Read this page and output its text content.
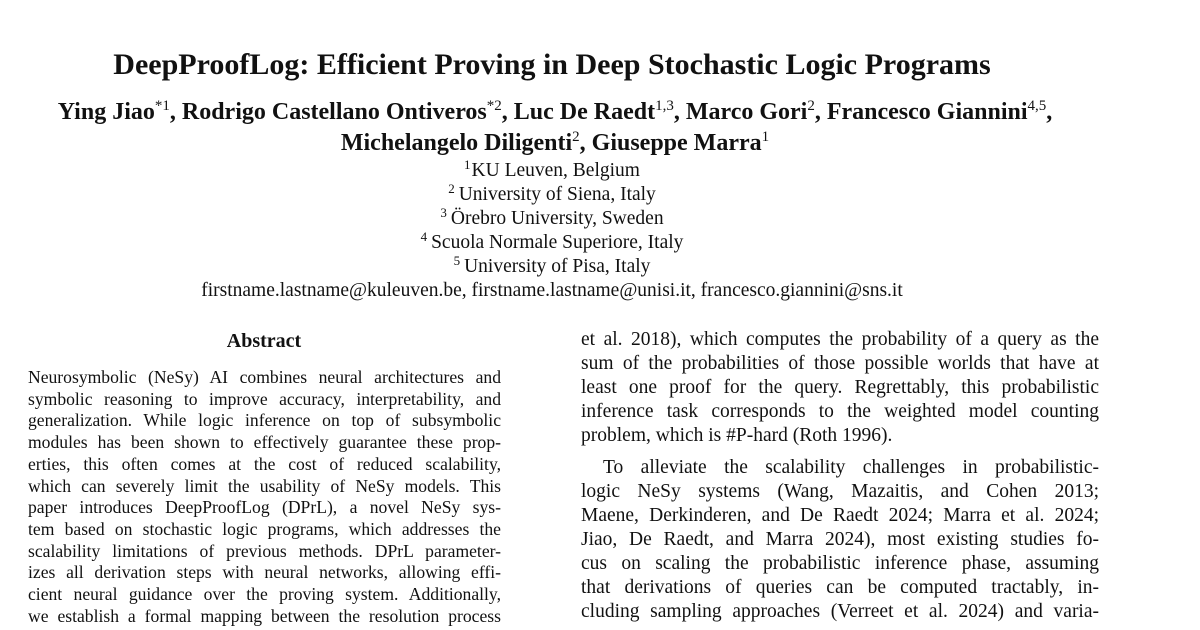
DeepProofLog: Efficient Proving in Deep Stochastic Logic Programs
Ying Jiao$^{*1}$, Rodrigo Castellano Ontiveros$^{*2}$, Luc De Raedt$^{1,3}$, Marco Gori$^2$, Francesco Giannini$^{4,5}$,
Michelangelo Diligenti$^2$, Giuseppe Marra$^1$
$^1$KU Leuven, Belgium
$^2$ University of Siena, Italy
$^3$ Örebro University, Sweden
$^4$ Scuola Normale Superiore, Italy
$^5$ University of Pisa, Italy
firstname.lastname@kuleuven.be, firstname.lastname@unisi.it, francesco.giannini@sns.it
Abstract
Neurosymbolic (NeSy) AI combines neural architectures and
symbolic reasoning to improve accuracy, interpretability, and
generalization. While logic inference on top of subsymbolic
modules has been shown to effectively guarantee these prop-
erties, this often comes at the cost of reduced scalability,
which can severely limit the usability of NeSy models. This
paper introduces DeepProofLog (DPrL), a novel NeSy sys-
tem based on stochastic logic programs, which addresses the
scalability limitations of previous methods. DPrL parameter-
izes all derivation steps with neural networks, allowing effi-
cient neural guidance over the proving system. Additionally,
we establish a formal mapping between the resolution process
et al. 2018), which computes the probability of a query as the
sum of the probabilities of those possible worlds that have at
least one proof for the query. Regrettably, this probabilistic
inference task corresponds to the weighted model counting
problem, which is #P-hard (Roth 1996).
To alleviate the scalability challenges in probabilistic-
logic NeSy systems (Wang, Mazaitis, and Cohen 2013;
Maene, Derkinderen, and De Raedt 2024; Marra et al. 2024;
Jiao, De Raedt, and Marra 2024), most existing studies fo-
cus on scaling the probabilistic inference phase, assuming
that derivations of queries can be computed tractably, in-
cluding sampling approaches (Verreet et al. 2024) and varia-
